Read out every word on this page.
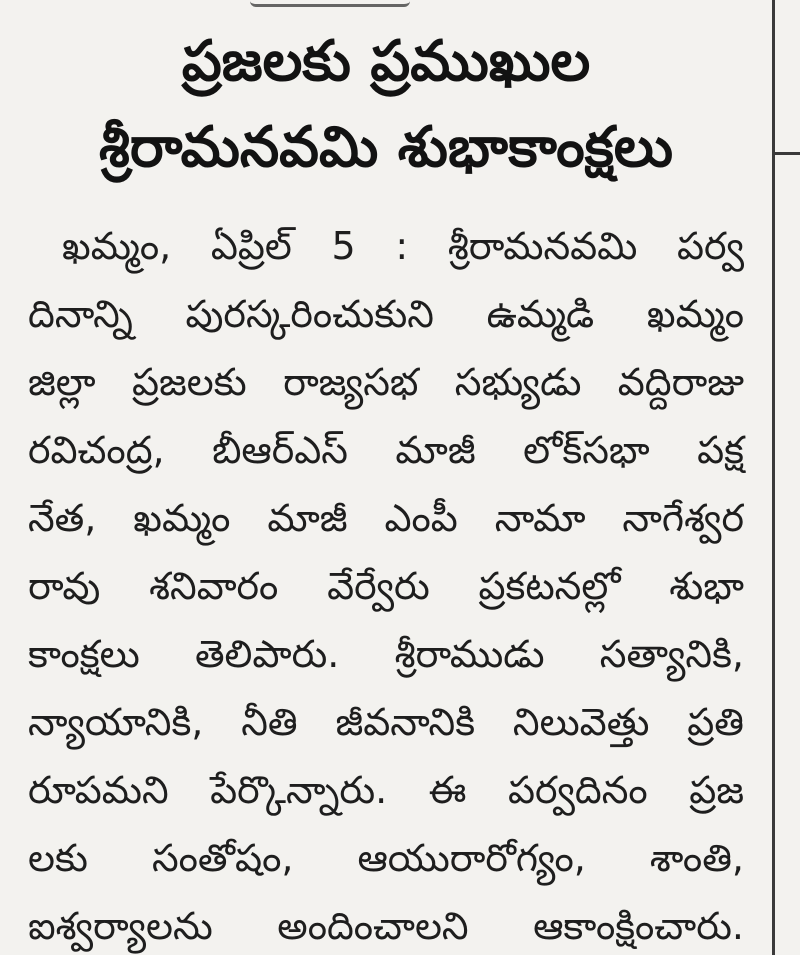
ప్రజలకు ప్రముఖుల
శ్రీరామనవమి శుభాకాంక్షలు
ఖమ్మం, ఏప్రిల్ 5 : శ్రీరామనవమి పర్వ
దినాన్ని పురస్కరించుకుని ఉమ్మడి ఖమ్మం
జిల్లా ప్రజలకు రాజ్యసభ సభ్యుడు వద్దిరాజు
రవిచంద్ర, బీఆర్ఎస్ మాజీ లోక్‌సభా పక్ష
నేత, ఖమ్మం మాజీ ఎంపీ నామా నాగేశ్వర
రావు శనివారం వేర్వేరు ప్రకటనల్లో శుభా
కాంక్షలు తెలిపారు. శ్రీరాముడు సత్యానికి,
న్యాయానికి, నీతి జీవనానికి నిలువెత్తు ప్రతి
రూపమని పేర్కొన్నారు. ఈ పర్వదినం ప్రజ
లకు సంతోషం, ఆయురారోగ్యం, శాంతి,
ఐశ్వర్యాలను అందించాలని ఆకాంక్షించారు.
